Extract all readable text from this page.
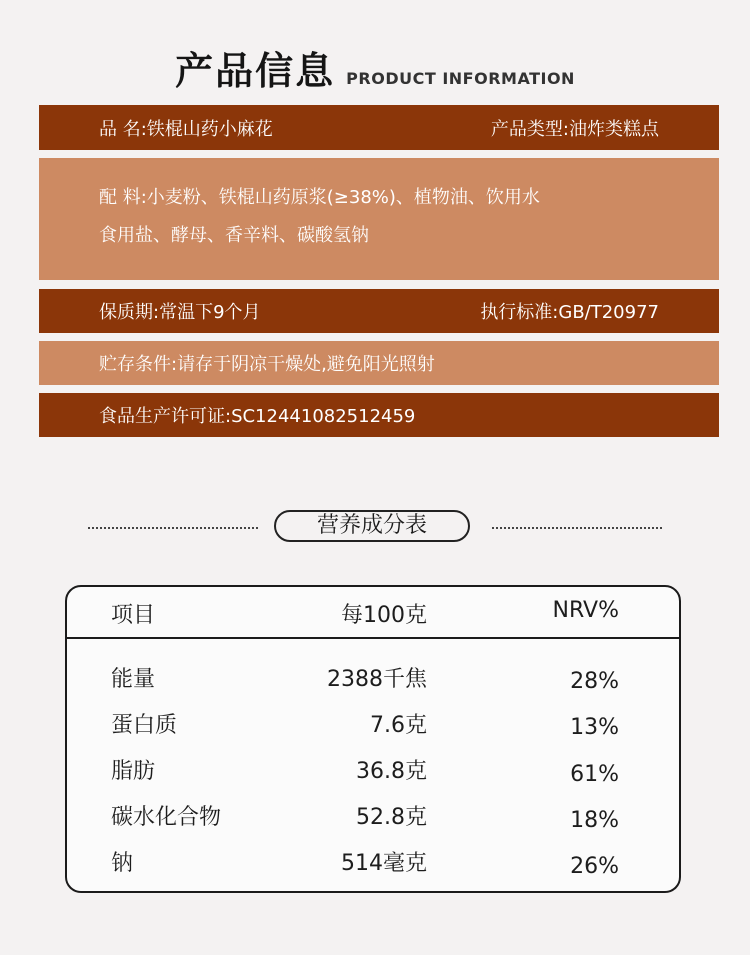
产品信息 PRODUCT INFORMATION
品 名:铁棍山药小麻花	产品类型:油炸类糕点
配 料:小麦粉、铁棍山药原浆(≥38%)、植物油、饮用水
食用盐、酵母、香辛料、碳酸氢钠
保质期:常温下9个月	执行标准:GB/T20977
贮存条件:请存于阴凉干燥处,避免阳光照射
食品生产许可证:SC12441082512459
营养成分表
项目	每100克	NRV%
能量	2388千焦	28%
蛋白质	7.6克	13%
脂肪	36.8克	61%
碳水化合物	52.8克	18%
钠	514毫克	26%
